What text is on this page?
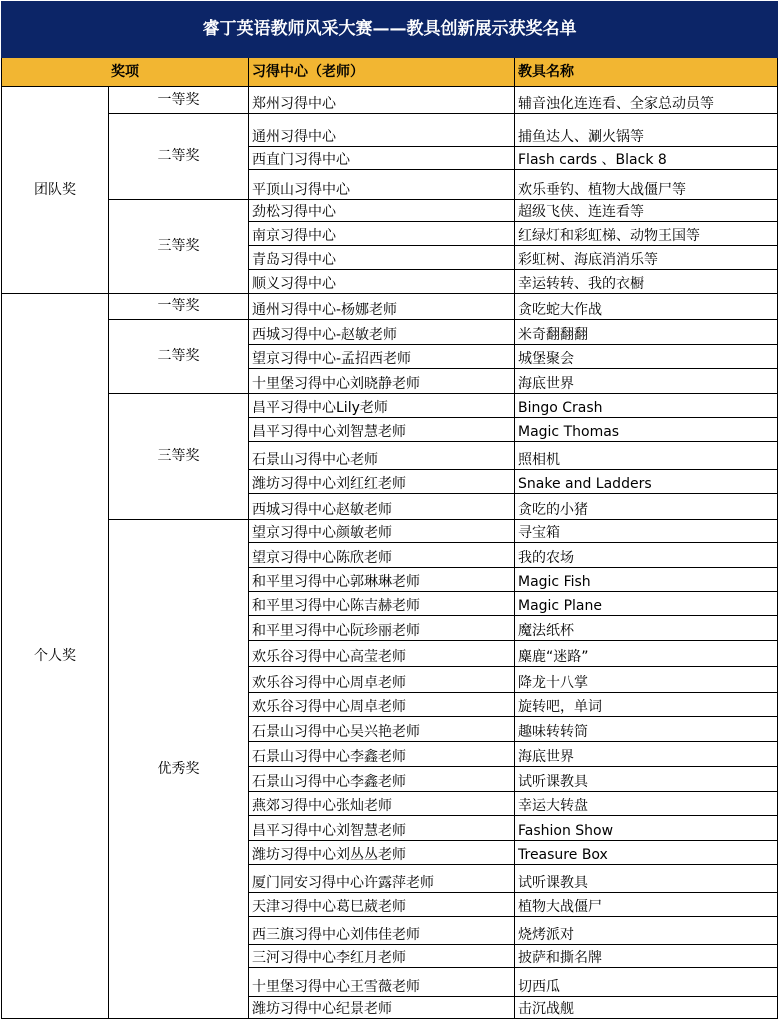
睿丁英语教师风采大赛——教具创新展示获奖名单			
奖项		习得中心（老师）	教具名称
团队奖	一等奖	郑州习得中心	辅音浊化连连看、全家总动员等
	二等奖	通州习得中心	捕鱼达人、涮火锅等
		西直门习得中心	Flash cards 、Black 8
		平顶山习得中心	欢乐垂钓、植物大战僵尸等
	三等奖	劲松习得中心	超级飞侠、连连看等
		南京习得中心	红绿灯和彩虹梯、动物王国等
		青岛习得中心	彩虹树、海底消消乐等
		顺义习得中心	幸运转转、我的衣橱
个人奖	一等奖	通州习得中心-杨娜老师	贪吃蛇大作战
	二等奖	西城习得中心-赵敏老师	米奇翻翻翻
		望京习得中心-孟招西老师	城堡聚会
		十里堡习得中心刘晓静老师	海底世界
	三等奖	昌平习得中心Lily老师	Bingo Crash
		昌平习得中心刘智慧老师	Magic Thomas
		石景山习得中心老师	照相机
		潍坊习得中心刘红红老师	Snake and Ladders
		西城习得中心赵敏老师	贪吃的小猪
	优秀奖	望京习得中心颜敏老师	寻宝箱
		望京习得中心陈欣老师	我的农场
		和平里习得中心郭琳琳老师	Magic Fish
		和平里习得中心陈吉赫老师	Magic Plane
		和平里习得中心阮珍丽老师	魔法纸杯
		欢乐谷习得中心高莹老师	麋鹿“迷路”
		欢乐谷习得中心周卓老师	降龙十八掌
		欢乐谷习得中心周卓老师	旋转吧，单词
		石景山习得中心吴兴艳老师	趣味转转筒
		石景山习得中心李鑫老师	海底世界
		石景山习得中心李鑫老师	试听课教具
		燕郊习得中心张灿老师	幸运大转盘
		昌平习得中心刘智慧老师	Fashion Show
		潍坊习得中心刘丛丛老师	Treasure Box
		厦门同安习得中心许露萍老师	试听课教具
		天津习得中心葛巳葳老师	植物大战僵尸
		西三旗习得中心刘伟佳老师	烧烤派对
		三河习得中心李红月老师	披萨和撕名牌
		十里堡习得中心王雪薇老师	切西瓜
		潍坊习得中心纪景老师	击沉战舰
